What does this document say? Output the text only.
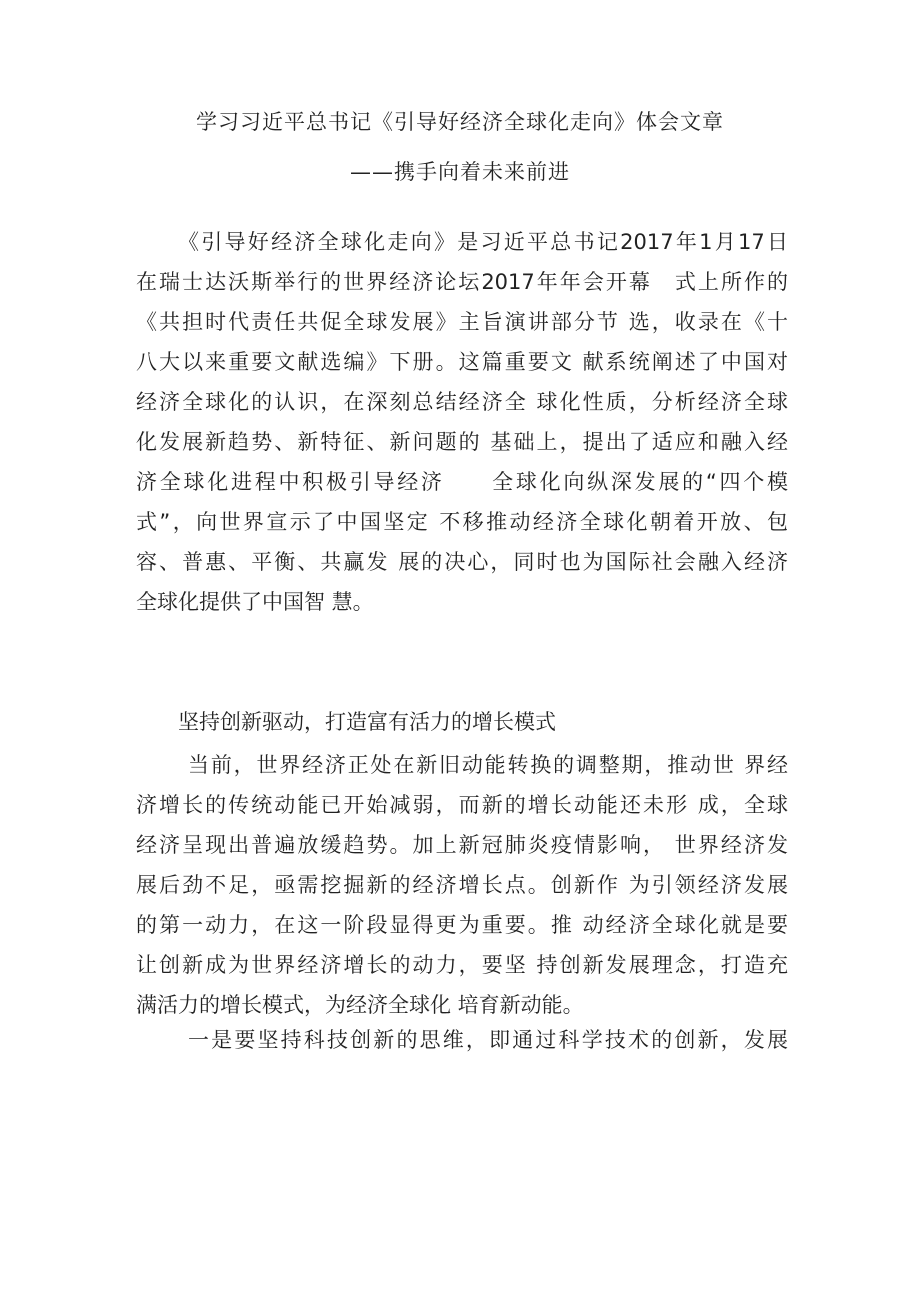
学习习近平总书记《引导好经济全球化走向》体会文章
——携手向着未来前进
《引导好经济全球化走向》是习近平总书记2017年1月17日
在瑞士达沃斯举行的世界经济论坛2017年年会开幕　式上所作的
《共担时代责任共促全球发展》主旨演讲部分节 选，收录在《十
八大以来重要文献选编》下册。这篇重要文 献系统阐述了中国对
经济全球化的认识，在深刻总结经济全 球化性质，分析经济全球
化发展新趋势、新特征、新问题的 基础上，提出了适应和融入经
济全球化进程中积极引导经济　　全球化向纵深发展的“四个模
式”，向世界宣示了中国坚定 不移推动经济全球化朝着开放、包
容、普惠、平衡、共赢发 展的决心，同时也为国际社会融入经济
全球化提供了中国智 慧。
坚持创新驱动，打造富有活力的增长模式
当前，世界经济正处在新旧动能转换的调整期，推动世 界经
济增长的传统动能已开始减弱，而新的增长动能还未形 成，全球
经济呈现出普遍放缓趋势。加上新冠肺炎疫情影响， 世界经济发
展后劲不足，亟需挖掘新的经济增长点。创新作 为引领经济发展
的第一动力，在这一阶段显得更为重要。推 动经济全球化就是要
让创新成为世界经济增长的动力，要坚 持创新发展理念，打造充
满活力的增长模式，为经济全球化 培育新动能。
一是要坚持科技创新的思维，即通过科学技术的创新，发展
